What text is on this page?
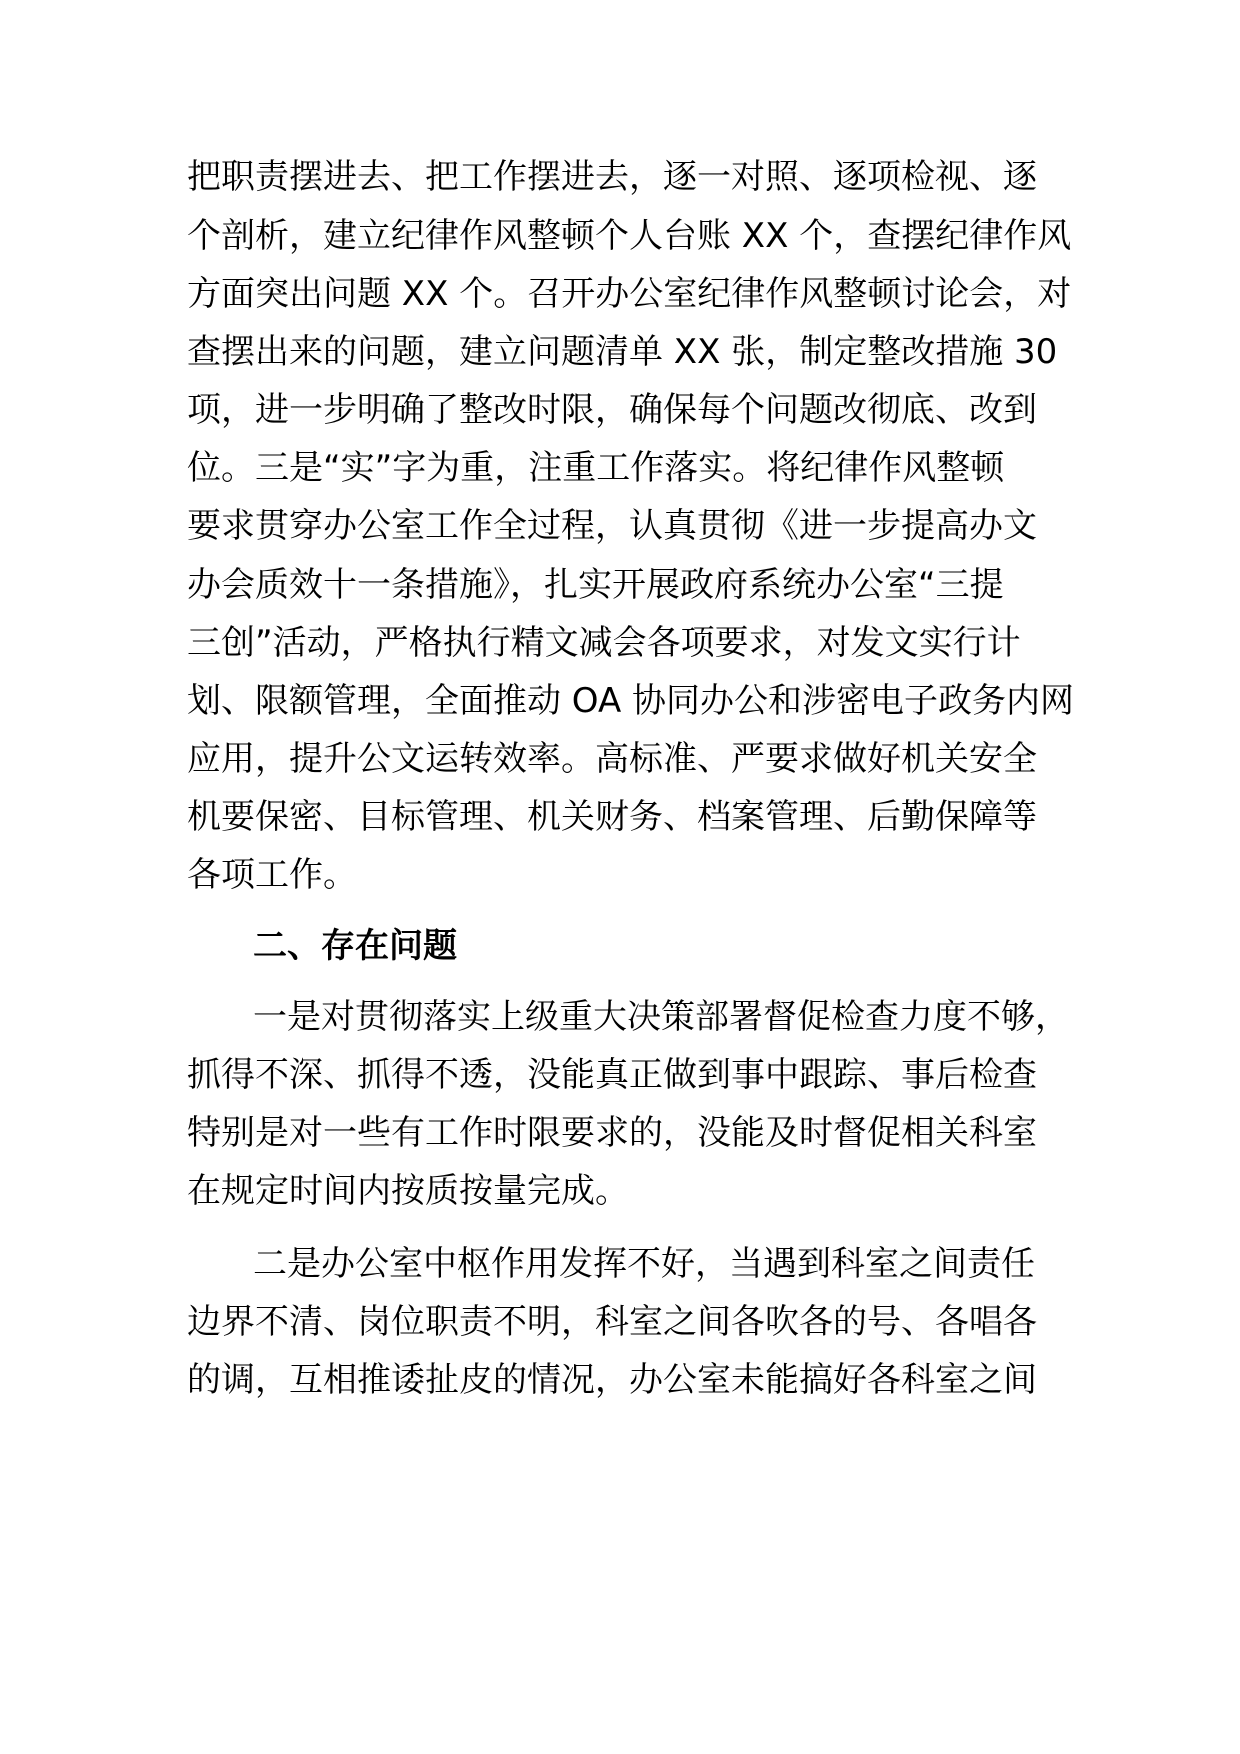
把职责摆进去、把工作摆进去，逐一对照、逐项检视、逐
个剖析，建立纪律作风整顿个人台账 XX 个，查摆纪律作风
方面突出问题 XX 个。召开办公室纪律作风整顿讨论会，对
查摆出来的问题，建立问题清单 XX 张，制定整改措施 30
项，进一步明确了整改时限，确保每个问题改彻底、改到
位。三是“实”字为重，注重工作落实。将纪律作风整顿
要求贯穿办公室工作全过程，认真贯彻《进一步提高办文
办会质效十一条措施》，扎实开展政府系统办公室“三提
三创”活动，严格执行精文减会各项要求，对发文实行计
划、限额管理，全面推动 OA 协同办公和涉密电子政务内网
应用，提升公文运转效率。高标准、严要求做好机关安全
机要保密、目标管理、机关财务、档案管理、后勤保障等
各项工作。
二、存在问题
一是对贯彻落实上级重大决策部署督促检查力度不够，
抓得不深、抓得不透，没能真正做到事中跟踪、事后检查
特别是对一些有工作时限要求的，没能及时督促相关科室
在规定时间内按质按量完成。
二是办公室中枢作用发挥不好，当遇到科室之间责任
边界不清、岗位职责不明，科室之间各吹各的号、各唱各
的调，互相推诿扯皮的情况，办公室未能搞好各科室之间
